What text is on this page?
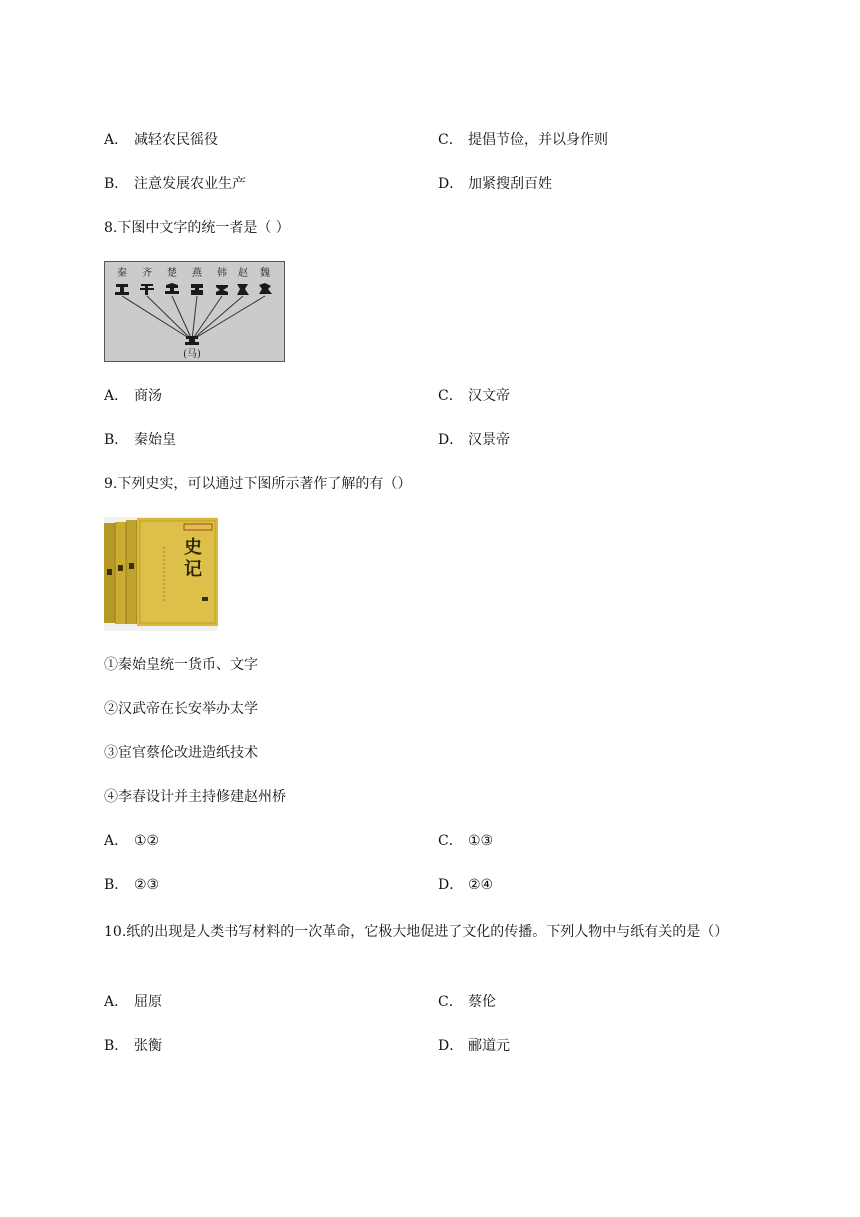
A． 减轻农民徭役	C． 提倡节俭，并以身作则
B． 注意发展农业生产	D． 加紧搜刮百姓
8.下图中文字的统一者是（ ）
秦 齐 楚 燕 韩 赵 魏
(马)
A． 商汤	C． 汉文帝
B． 秦始皇	D． 汉景帝
9.下列史实，可以通过下图所示著作了解的有（）
史记
①秦始皇统一货币、文字
②汉武帝在长安举办太学
③宦官蔡伦改进造纸技术
④李春设计并主持修建赵州桥
A． ①②	C． ①③
B． ②③	D． ②④
10.纸的出现是人类书写材料的一次革命，它极大地促进了文化的传播。下列人物中与纸有关的是（）
A． 屈原	C． 蔡伦
B． 张衡	D． 郦道元
